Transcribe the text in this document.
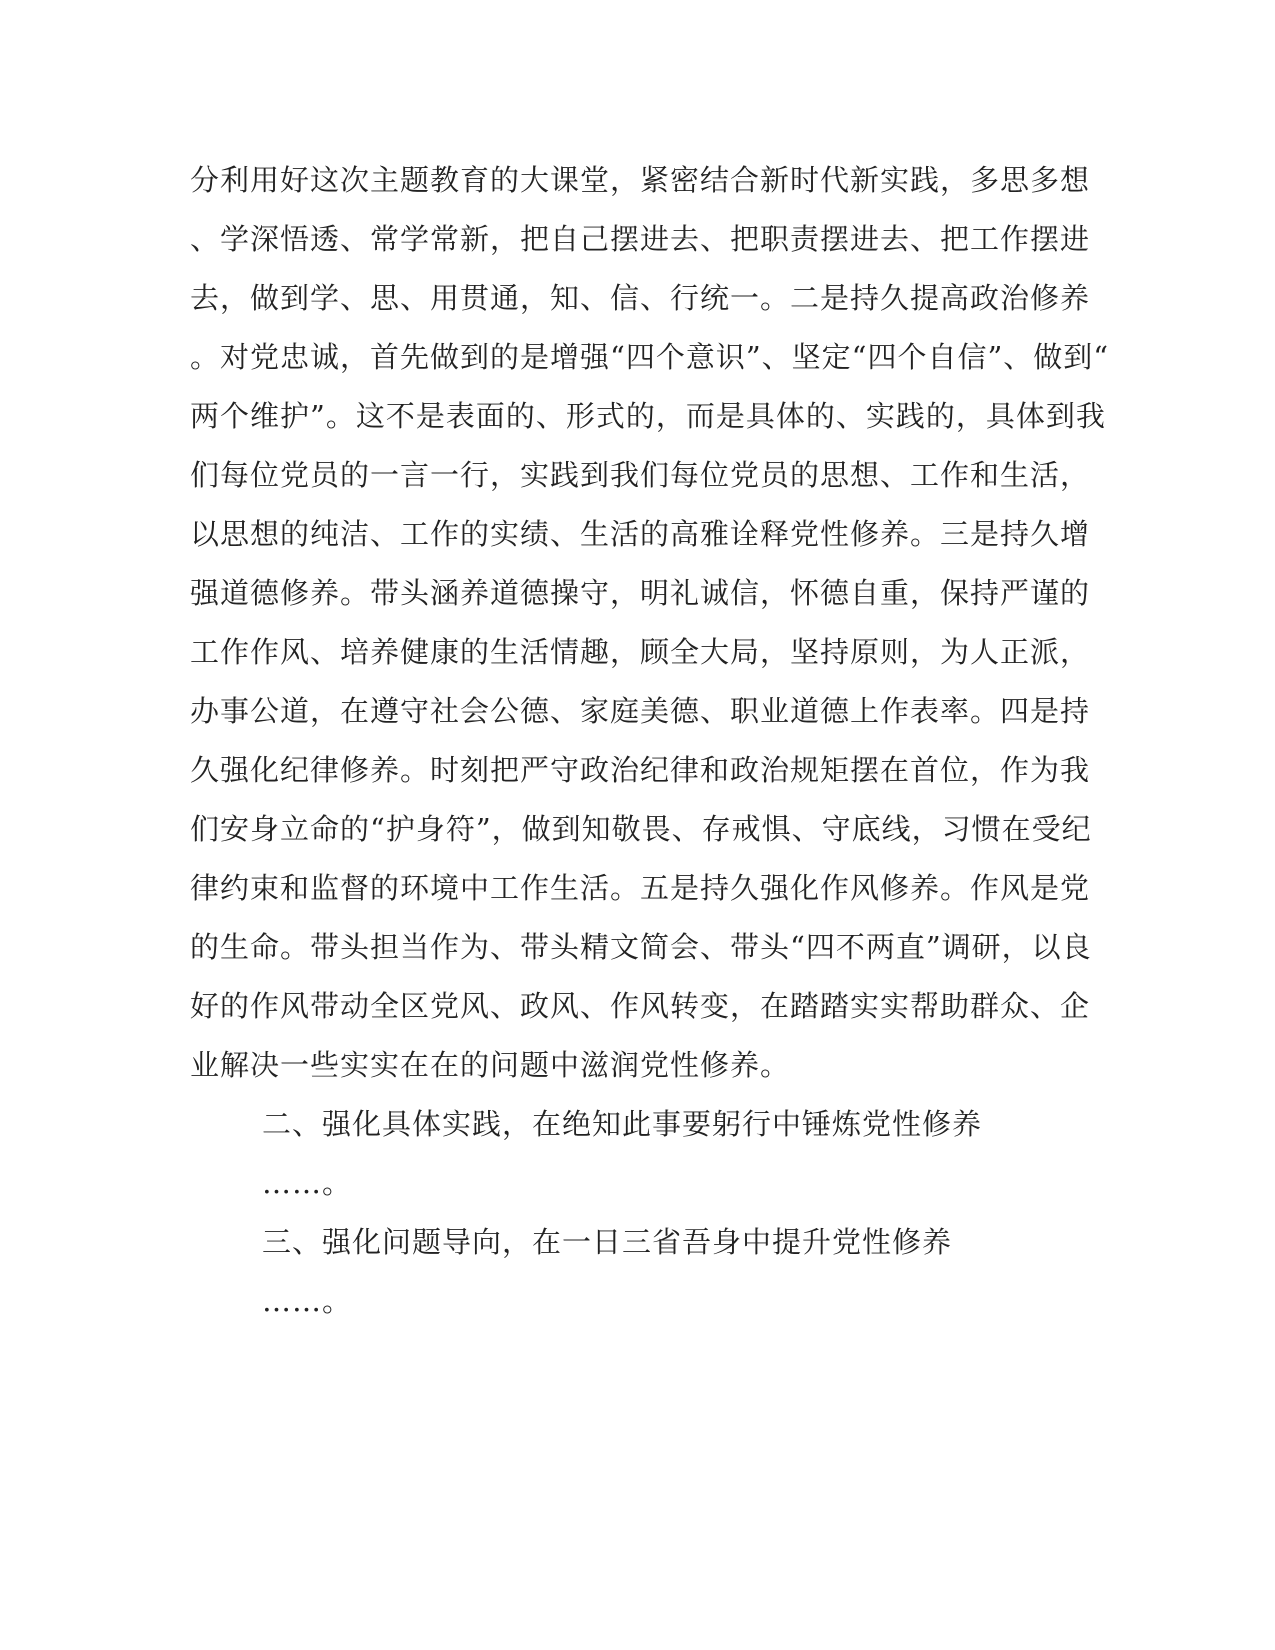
分利用好这次主题教育的大课堂，紧密结合新时代新实践，多思多想
、学深悟透、常学常新，把自己摆进去、把职责摆进去、把工作摆进
去，做到学、思、用贯通，知、信、行统一。二是持久提高政治修养
。对党忠诚，首先做到的是增强“四个意识”、坚定“四个自信”、做到“
两个维护”。这不是表面的、形式的，而是具体的、实践的，具体到我
们每位党员的一言一行，实践到我们每位党员的思想、工作和生活，
以思想的纯洁、工作的实绩、生活的高雅诠释党性修养。三是持久增
强道德修养。带头涵养道德操守，明礼诚信，怀德自重，保持严谨的
工作作风、培养健康的生活情趣，顾全大局，坚持原则，为人正派，
办事公道，在遵守社会公德、家庭美德、职业道德上作表率。四是持
久强化纪律修养。时刻把严守政治纪律和政治规矩摆在首位，作为我
们安身立命的“护身符”，做到知敬畏、存戒惧、守底线，习惯在受纪
律约束和监督的环境中工作生活。五是持久强化作风修养。作风是党
的生命。带头担当作为、带头精文简会、带头“四不两直”调研，以良
好的作风带动全区党风、政风、作风转变，在踏踏实实帮助群众、企
业解决一些实实在在的问题中滋润党性修养。
二、强化具体实践，在绝知此事要躬行中锤炼党性修养
……。
三、强化问题导向，在一日三省吾身中提升党性修养
……。
